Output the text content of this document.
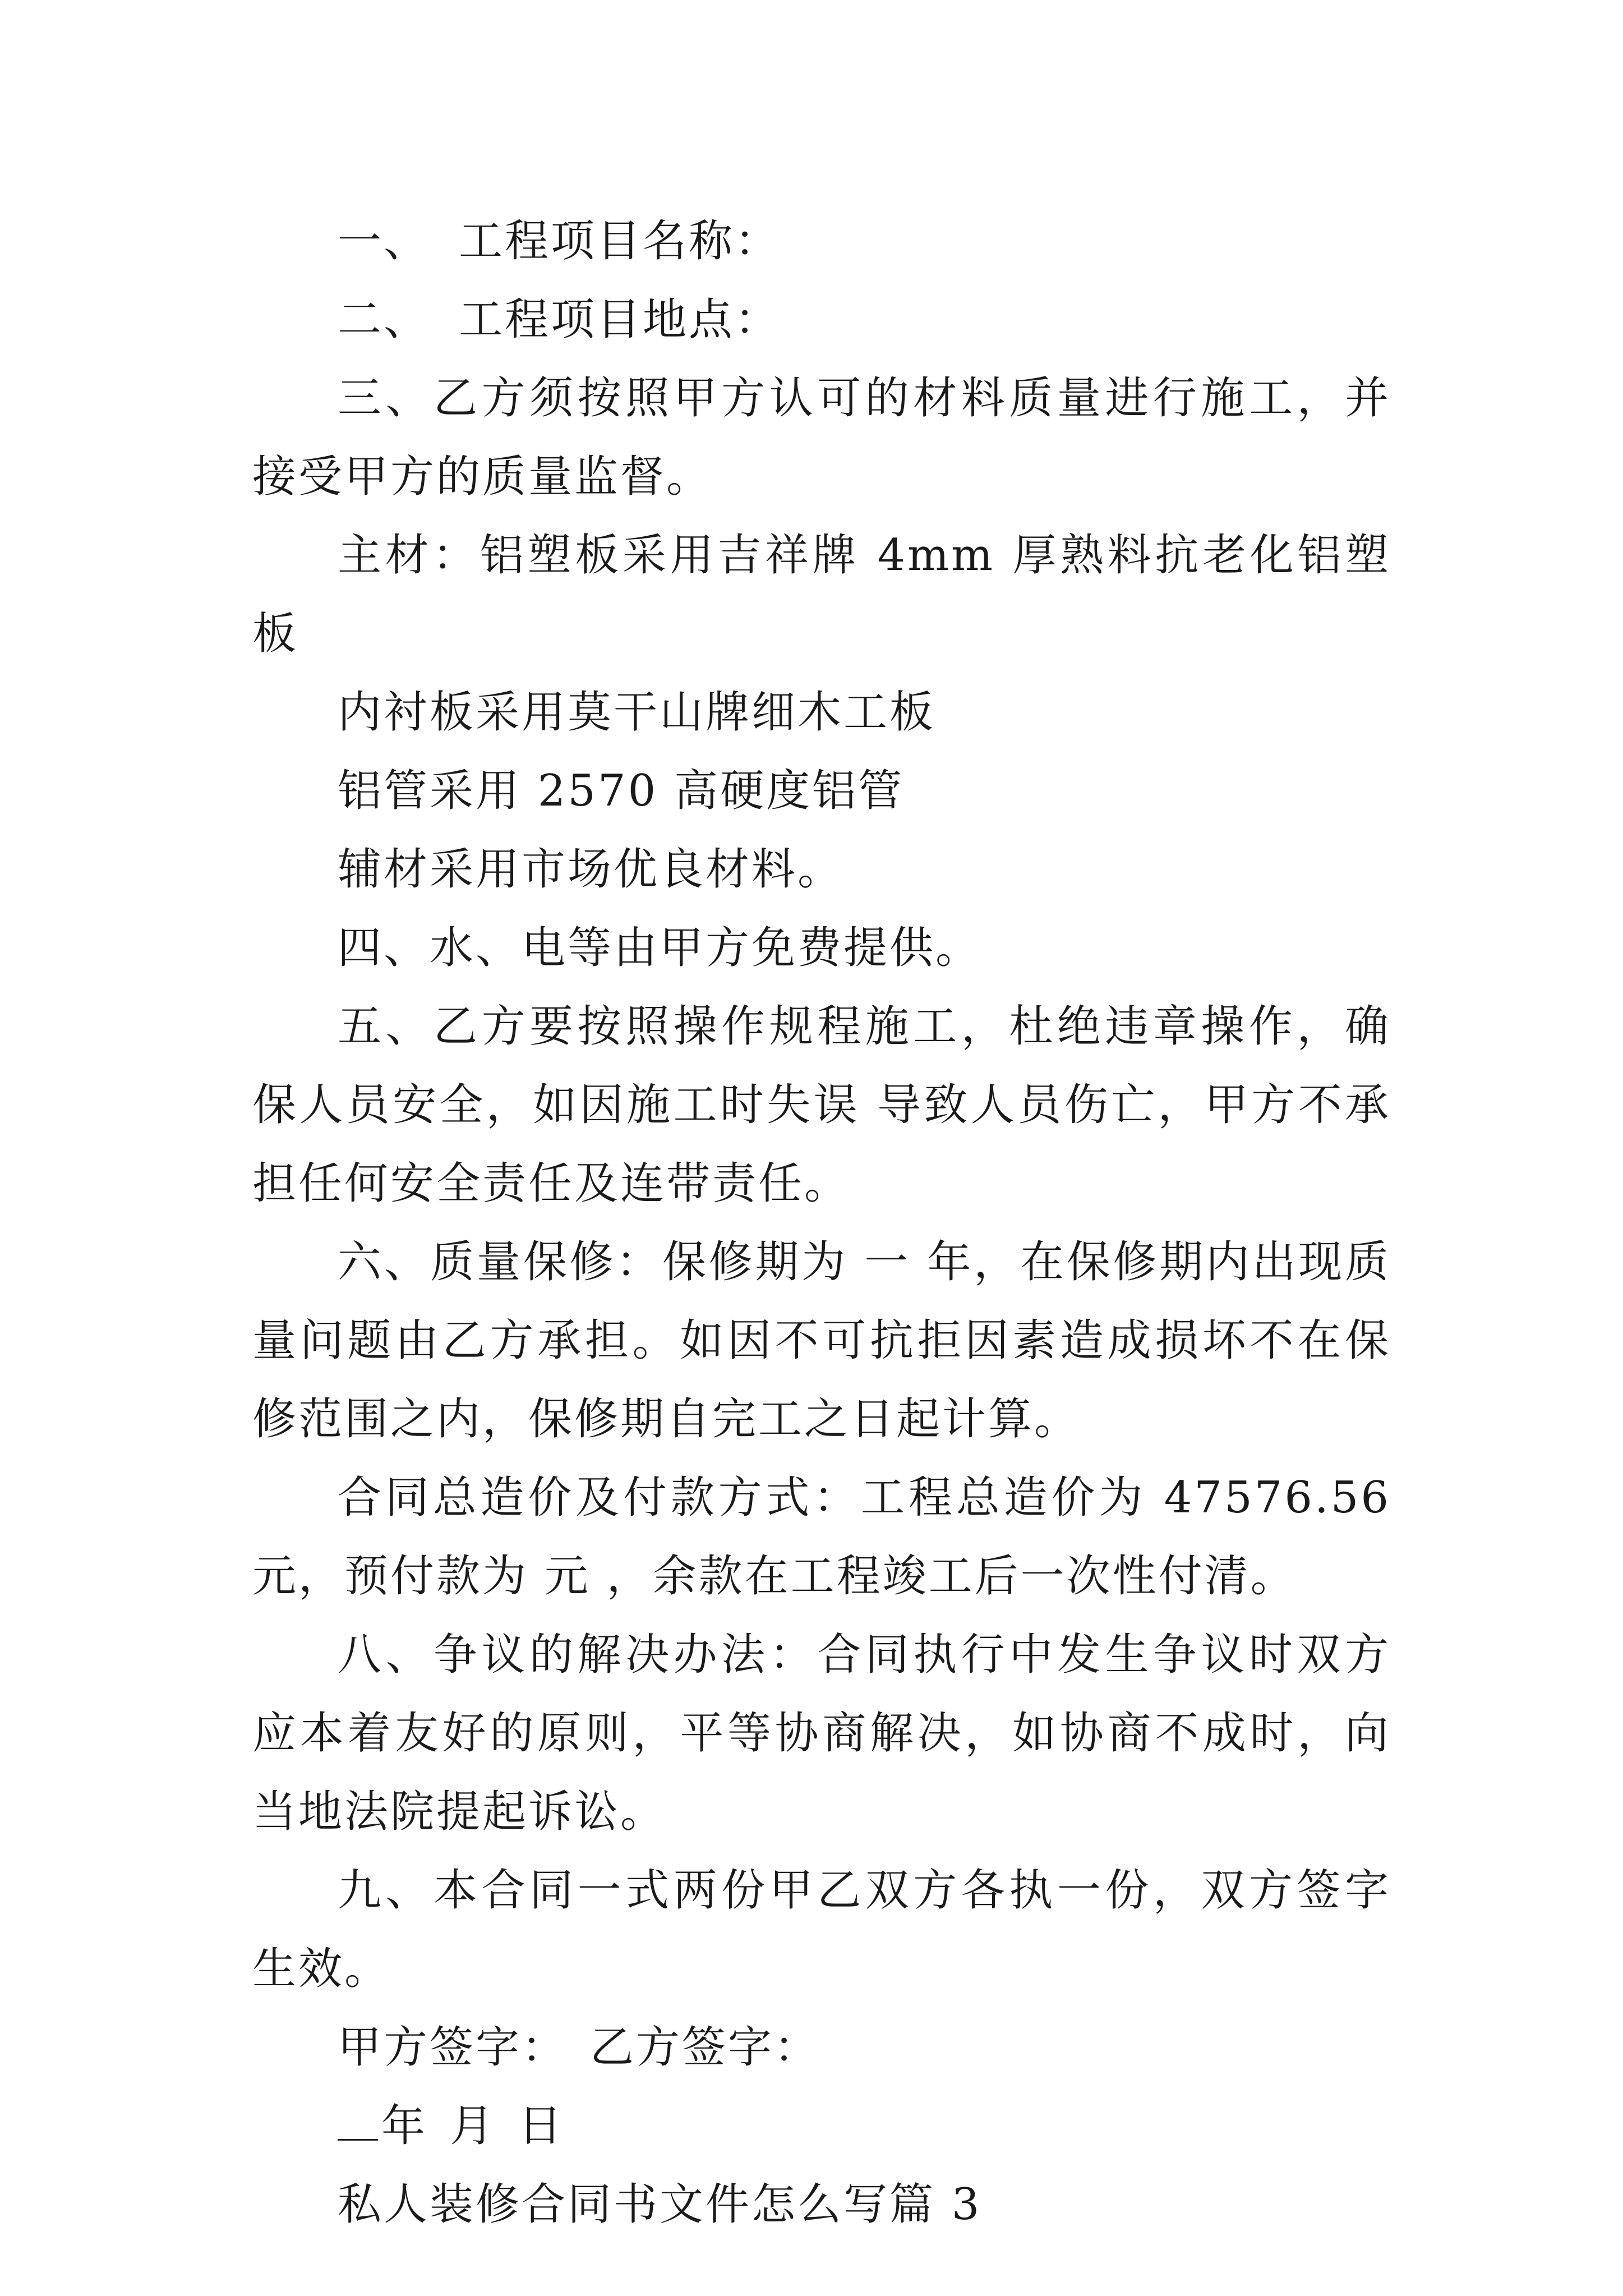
一、 工程项目名称：

二、 工程项目地点：

三、乙方须按照甲方认可的材料质量进行施工，并接受甲方的质量监督。

主材：铝塑板采用吉祥牌 4mm 厚熟料抗老化铝塑板

内衬板采用莫干山牌细木工板

铝管采用 2570 高硬度铝管

辅材采用市场优良材料。

四、水、电等由甲方免费提供。

五、乙方要按照操作规程施工，杜绝违章操作，确保人员安全，如因施工时失误 导致人员伤亡，甲方不承担任何安全责任及连带责任。

六、质量保修：保修期为 一 年，在保修期内出现质量问题由乙方承担。如因不可抗拒因素造成损坏不在保修范围之内，保修期自完工之日起计算。

合同总造价及付款方式：工程总造价为 47576.56 元，预付款为 元 ，余款在工程竣工后一次性付清。

八、争议的解决办法：合同执行中发生争议时双方应本着友好的原则，平等协商解决，如协商不成时，向当地法院提起诉讼。

九、本合同一式两份甲乙双方各执一份，双方签字生效。

甲方签字： 乙方签字：

年 月 日

私人装修合同书文件怎么写篇 3
